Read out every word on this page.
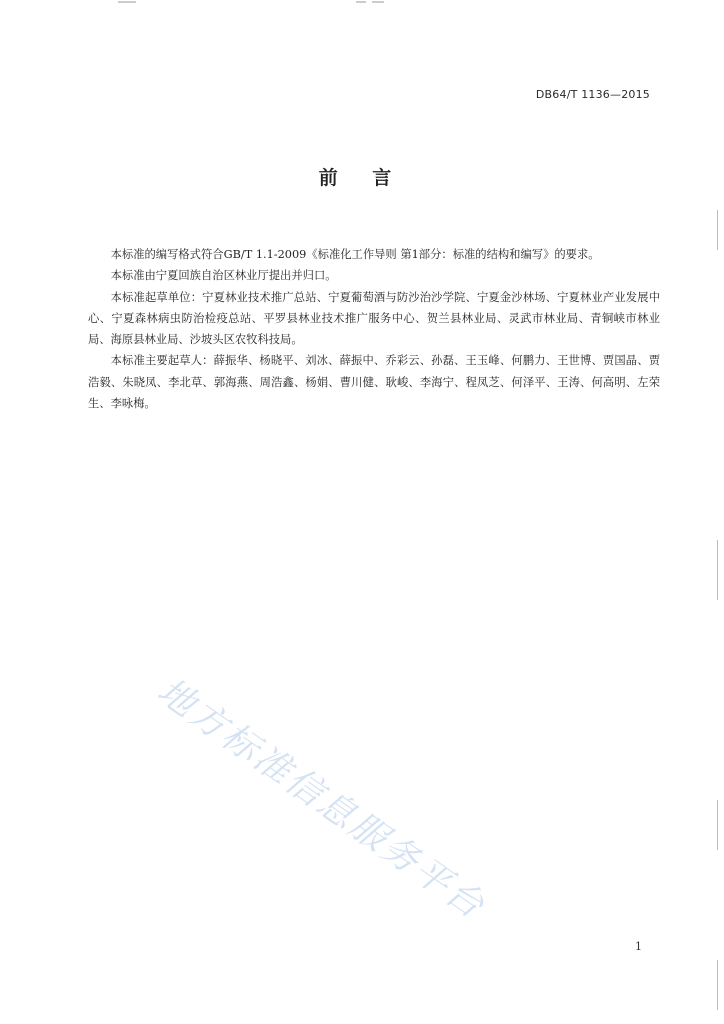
DB64/T 1136—2015
前 言

本标准的编写格式符合GB/T 1.1-2009《标准化工作导则 第1部分：标准的结构和编写》的要求。

本标准由宁夏回族自治区林业厅提出并归口。

本标准起草单位：宁夏林业技术推广总站、宁夏葡萄酒与防沙治沙学院、宁夏金沙林场、宁夏林业产业发展中心、宁夏森林病虫防治检疫总站、平罗县林业技术推广服务中心、贺兰县林业局、灵武市林业局、青铜峡市林业局、海原县林业局、沙坡头区农牧科技局。

本标准主要起草人：薛振华、杨晓平、刘冰、薛振中、乔彩云、孙磊、王玉峰、何鹏力、王世博、贾国晶、贾浩毅、朱晓凤、李北草、郭海燕、周浩鑫、杨娟、曹川健、耿峻、李海宁、程凤芝、何泽平、王涛、何高明、左荣生、李咏梅。

地方标准信息服务平台
1
